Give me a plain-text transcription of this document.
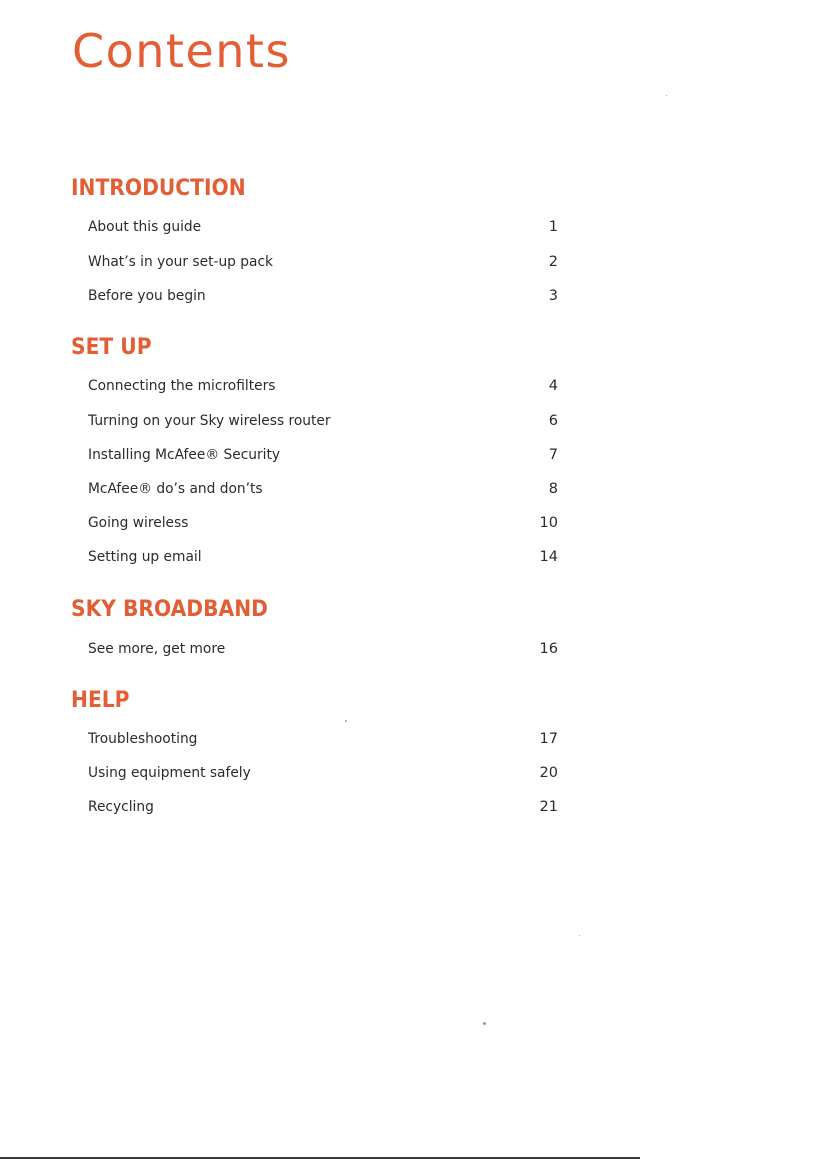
Contents
INTRODUCTION
About this guide	1
What’s in your set-up pack	2
Before you begin	3
SET UP
Connecting the microfilters	4
Turning on your Sky wireless router	6
Installing McAfee® Security	7
McAfee® do’s and don’ts	8
Going wireless	10
Setting up email	14
SKY BROADBAND
See more, get more	16
HELP
Troubleshooting	17
Using equipment safely	20
Recycling	21
